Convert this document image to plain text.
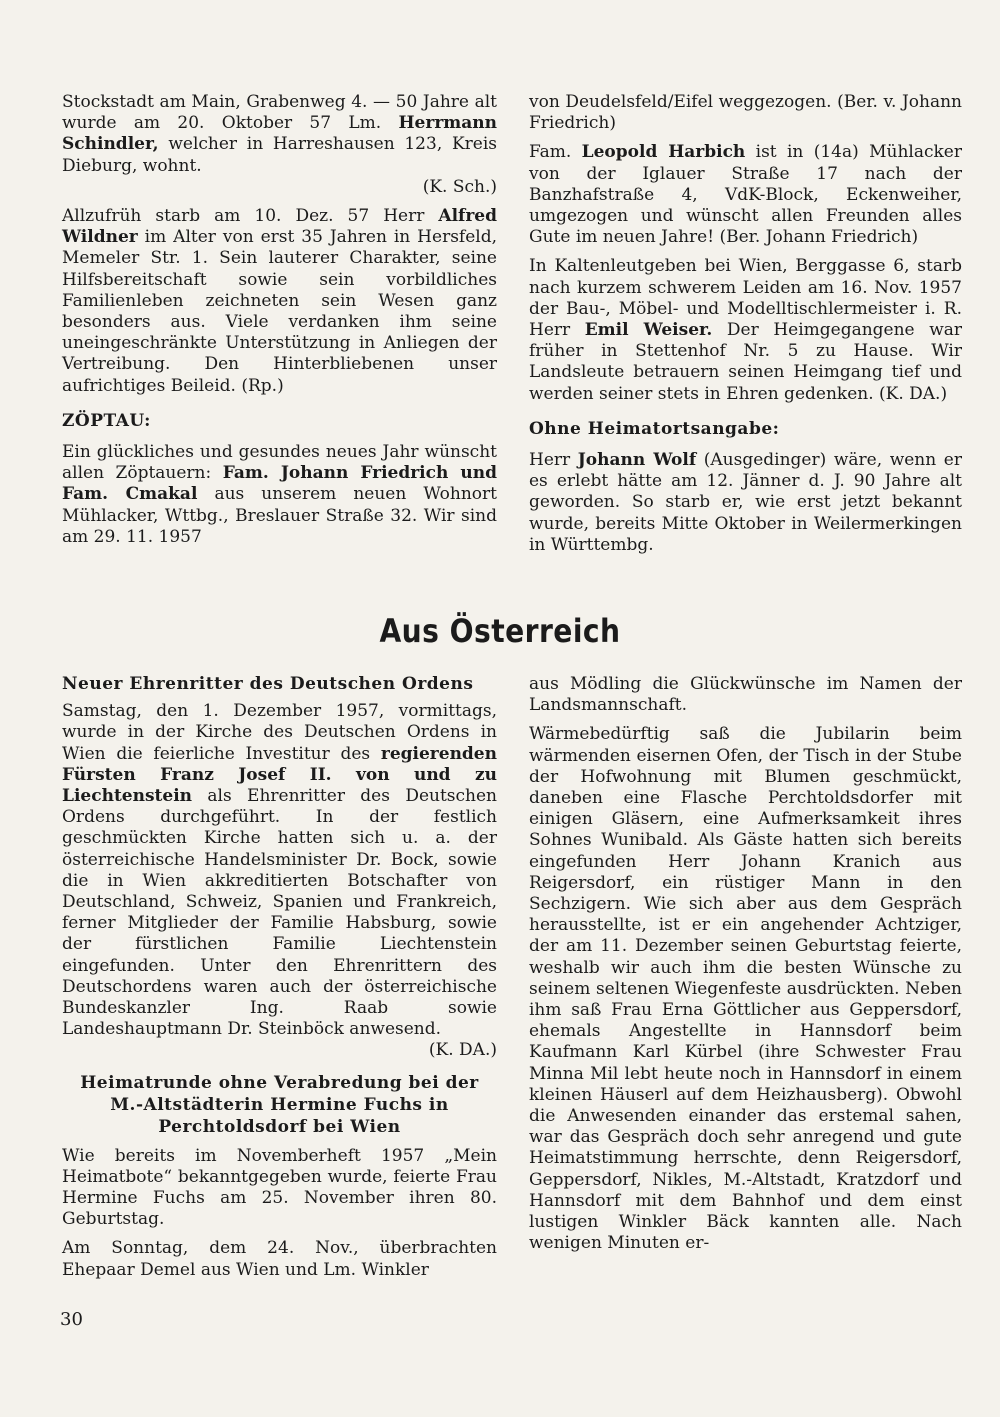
Stockstadt am Main, Grabenweg 4. — 50 Jahre alt wurde am 20. Oktober 57 Lm. Herrmann Schindler, welcher in Harreshausen 123, Kreis Dieburg, wohnt.

(K. Sch.)

Allzufrüh starb am 10. Dez. 57 Herr Alfred Wildner im Alter von erst 35 Jahren in Hersfeld, Memeler Str. 1. Sein lauterer Charakter, seine Hilfsbereitschaft sowie sein vorbildliches Familienleben zeichneten sein Wesen ganz besonders aus. Viele verdanken ihm seine uneingeschränkte Unterstützung in Anliegen der Vertreibung. Den Hinterbliebenen unser aufrichtiges Beileid. (Rp.)

ZÖPTAU:

Ein glückliches und gesundes neues Jahr wünscht allen Zöptauern: Fam. Johann Friedrich und Fam. Cmakal aus unserem neuen Wohnort Mühlacker, Wttbg., Breslauer Straße 32. Wir sind am 29. 11. 1957

von Deudelsfeld/Eifel weggezogen. (Ber. v. Johann Friedrich)

Fam. Leopold Harbich ist in (14a) Mühlacker von der Iglauer Straße 17 nach der Banzhafstraße 4, VdK-Block, Eckenweiher, umgezogen und wünscht allen Freunden alles Gute im neuen Jahre! (Ber. Johann Friedrich)

In Kaltenleutgeben bei Wien, Berggasse 6, starb nach kurzem schwerem Leiden am 16. Nov. 1957 der Bau-, Möbel- und Modelltischlermeister i. R. Herr Emil Weiser. Der Heimgegangene war früher in Stettenhof Nr. 5 zu Hause. Wir Landsleute betrauern seinen Heimgang tief und werden seiner stets in Ehren gedenken. (K. DA.)

Ohne Heimatortsangabe:

Herr Johann Wolf (Ausgedinger) wäre, wenn er es erlebt hätte am 12. Jänner d. J. 90 Jahre alt geworden. So starb er, wie erst jetzt bekannt wurde, bereits Mitte Oktober in Weilermerkingen in Württembg.

Aus Österreich
Neuer Ehrenritter des Deutschen Ordens

Samstag, den 1. Dezember 1957, vormittags, wurde in der Kirche des Deutschen Ordens in Wien die feierliche Investitur des regierenden Fürsten Franz Josef II. von und zu Liechtenstein als Ehrenritter des Deutschen Ordens durchgeführt. In der festlich geschmückten Kirche hatten sich u. a. der österreichische Handelsminister Dr. Bock, sowie die in Wien akkreditierten Botschafter von Deutschland, Schweiz, Spanien und Frankreich, ferner Mitglieder der Familie Habsburg, sowie der fürstlichen Familie Liechtenstein eingefunden. Unter den Ehrenrittern des Deutschordens waren auch der österreichische Bundeskanzler Ing. Raab sowie Landeshauptmann Dr. Steinböck anwesend.

(K. DA.)

Heimatrunde ohne Verabredung bei der M.-Altstädterin Hermine Fuchs in Perchtoldsdorf bei Wien

Wie bereits im Novemberheft 1957 „Mein Heimatbote“ bekanntgegeben wurde, feierte Frau Hermine Fuchs am 25. November ihren 80. Geburtstag.

Am Sonntag, dem 24. Nov., überbrachten Ehepaar Demel aus Wien und Lm. Winkler

aus Mödling die Glückwünsche im Namen der Landsmannschaft.

Wärmebedürftig saß die Jubilarin beim wärmenden eisernen Ofen, der Tisch in der Stube der Hofwohnung mit Blumen geschmückt, daneben eine Flasche Perchtoldsdorfer mit einigen Gläsern, eine Aufmerksamkeit ihres Sohnes Wunibald. Als Gäste hatten sich bereits eingefunden Herr Johann Kranich aus Reigersdorf, ein rüstiger Mann in den Sechzigern. Wie sich aber aus dem Gespräch herausstellte, ist er ein angehender Achtziger, der am 11. Dezember seinen Geburtstag feierte, weshalb wir auch ihm die besten Wünsche zu seinem seltenen Wiegenfeste ausdrückten. Neben ihm saß Frau Erna Göttlicher aus Geppersdorf, ehemals Angestellte in Hannsdorf beim Kaufmann Karl Kürbel (ihre Schwester Frau Minna Mil lebt heute noch in Hannsdorf in einem kleinen Häuserl auf dem Heizhausberg). Obwohl die Anwesenden einander das erstemal sahen, war das Gespräch doch sehr anregend und gute Heimatstimmung herrschte, denn Reigersdorf, Geppersdorf, Nikles, M.-Altstadt, Kratzdorf und Hannsdorf mit dem Bahnhof und dem einst lustigen Winkler Bäck kannten alle. Nach wenigen Minuten er-

30
